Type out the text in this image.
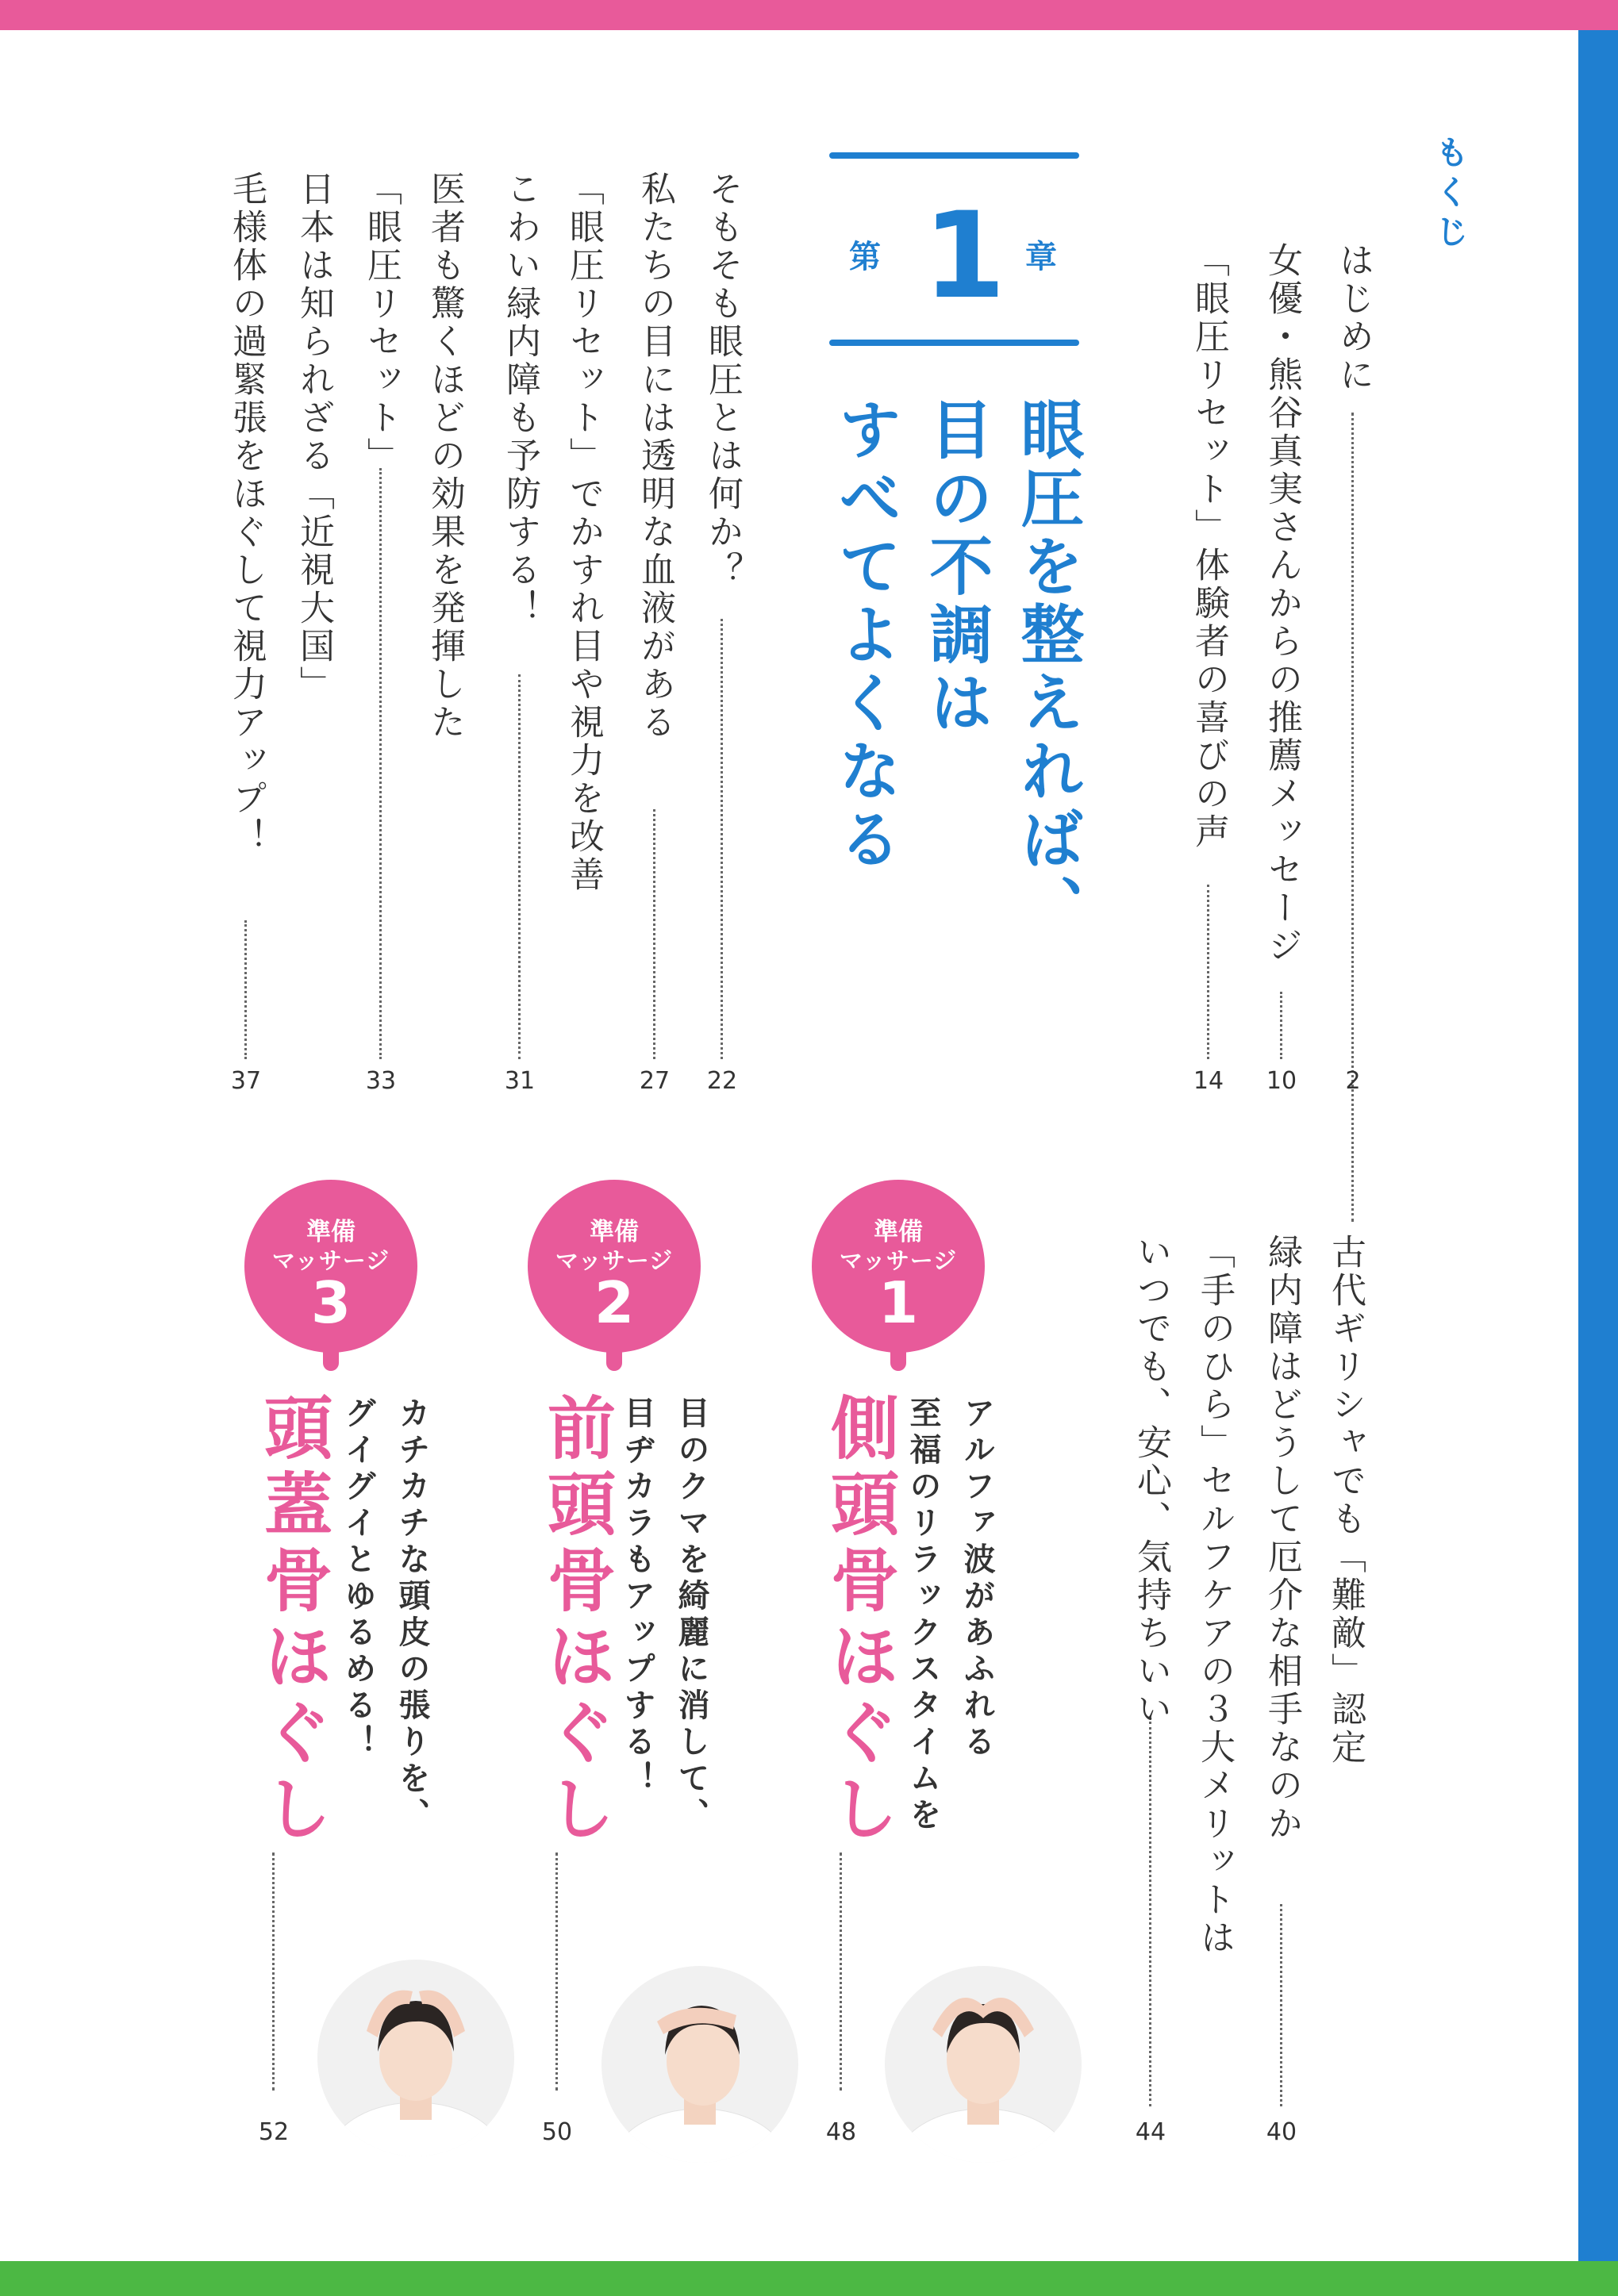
もくじ
はじめに
2
女優・熊谷真実さんからの推薦メッセージ
10
「眼圧リセット」体験者の喜びの声
14
第 1 章
眼圧を整えれば、
目の不調は
すべてよくなる
そもそも眼圧とは何か？
22
私たちの目には透明な血液がある
27
「眼圧リセット」でかすれ目や視力を改善
こわい緑内障も予防する！
31
医者も驚くほどの効果を発揮した
「眼圧リセット」
33
日本は知られざる「近視大国」
毛様体の過緊張をほぐして視力アップ！
37
古代ギリシャでも「難敵」認定
緑内障はどうして厄介な相手なのか
40
「手のひら」セルフケアの３大メリットは
いつでも、安心、気持ちいい
44
準備
マッサージ
1
側頭骨ほぐし	アルファ波があふれる
至福のリラックスタイムを
48
準備
マッサージ
2
前頭骨ほぐし	目のクマを綺麗に消して、
目ヂカラもアップする！
50
準備
マッサージ
3
頭蓋骨ほぐし	カチカチな頭皮の張りを、
グイグイとゆるめる！
52
